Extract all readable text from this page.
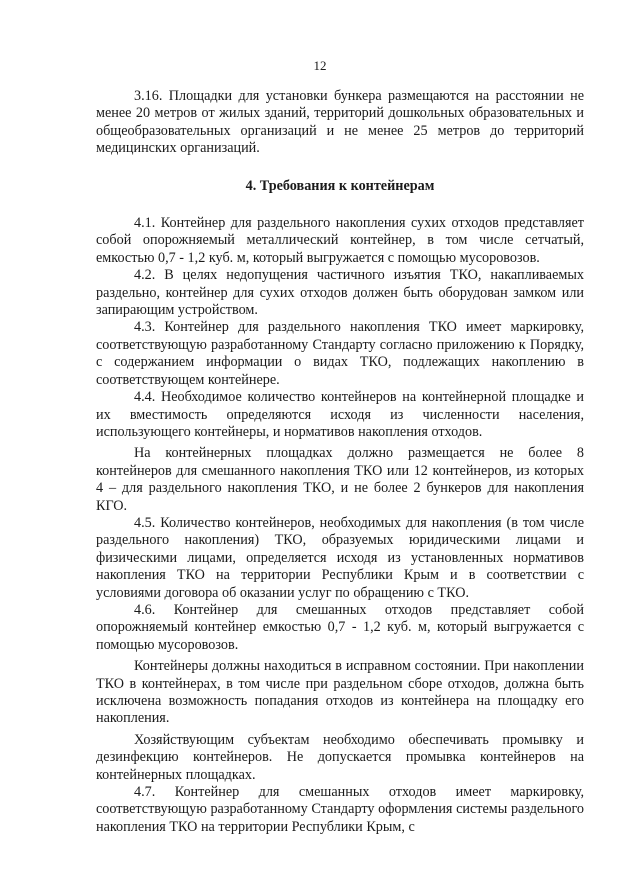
12

3.16. Площадки для установки бункера размещаются на расстоянии не менее 20 метров от жилых зданий, территорий дошкольных образовательных и общеобразовательных организаций и не менее 25 метров до территорий медицинских организаций.

4. Требования к контейнерам

4.1. Контейнер для раздельного накопления сухих отходов представляет собой опорожняемый металлический контейнер, в том числе сетчатый, емкостью 0,7 - 1,2 куб. м, который выгружается с помощью мусоровозов.

4.2. В целях недопущения частичного изъятия ТКО, накапливаемых раздельно, контейнер для сухих отходов должен быть оборудован замком или запирающим устройством.

4.3. Контейнер для раздельного накопления ТКО имеет маркировку, соответствующую разработанному Стандарту согласно приложению к Порядку, с содержанием информации о видах ТКО, подлежащих накоплению в соответствующем контейнере.

4.4. Необходимое количество контейнеров на контейнерной площадке и их вместимость определяются исходя из численности населения, использующего контейнеры, и нормативов накопления отходов.

На контейнерных площадках должно размещается не более 8 контейнеров для смешанного накопления ТКО или 12 контейнеров, из которых 4 – для раздельного накопления ТКО, и не более 2 бункеров для накопления КГО.

4.5. Количество контейнеров, необходимых для накопления (в том числе раздельного накопления) ТКО, образуемых юридическими лицами и физическими лицами, определяется исходя из установленных нормативов накопления ТКО на территории Республики Крым и в соответствии с условиями договора об оказании услуг по обращению с ТКО.

4.6. Контейнер для смешанных отходов представляет собой опорожняемый контейнер емкостью 0,7 - 1,2 куб. м, который выгружается с помощью мусоровозов.

Контейнеры должны находиться в исправном состоянии. При накоплении ТКО в контейнерах, в том числе при раздельном сборе отходов, должна быть исключена возможность попадания отходов из контейнера на площадку его накопления.

Хозяйствующим субъектам необходимо обеспечивать промывку и дезинфекцию контейнеров. Не допускается промывка контейнеров на контейнерных площадках.

4.7. Контейнер для смешанных отходов имеет маркировку, соответствующую разработанному Стандарту оформления системы раздельного накопления ТКО на территории Республики Крым, с
